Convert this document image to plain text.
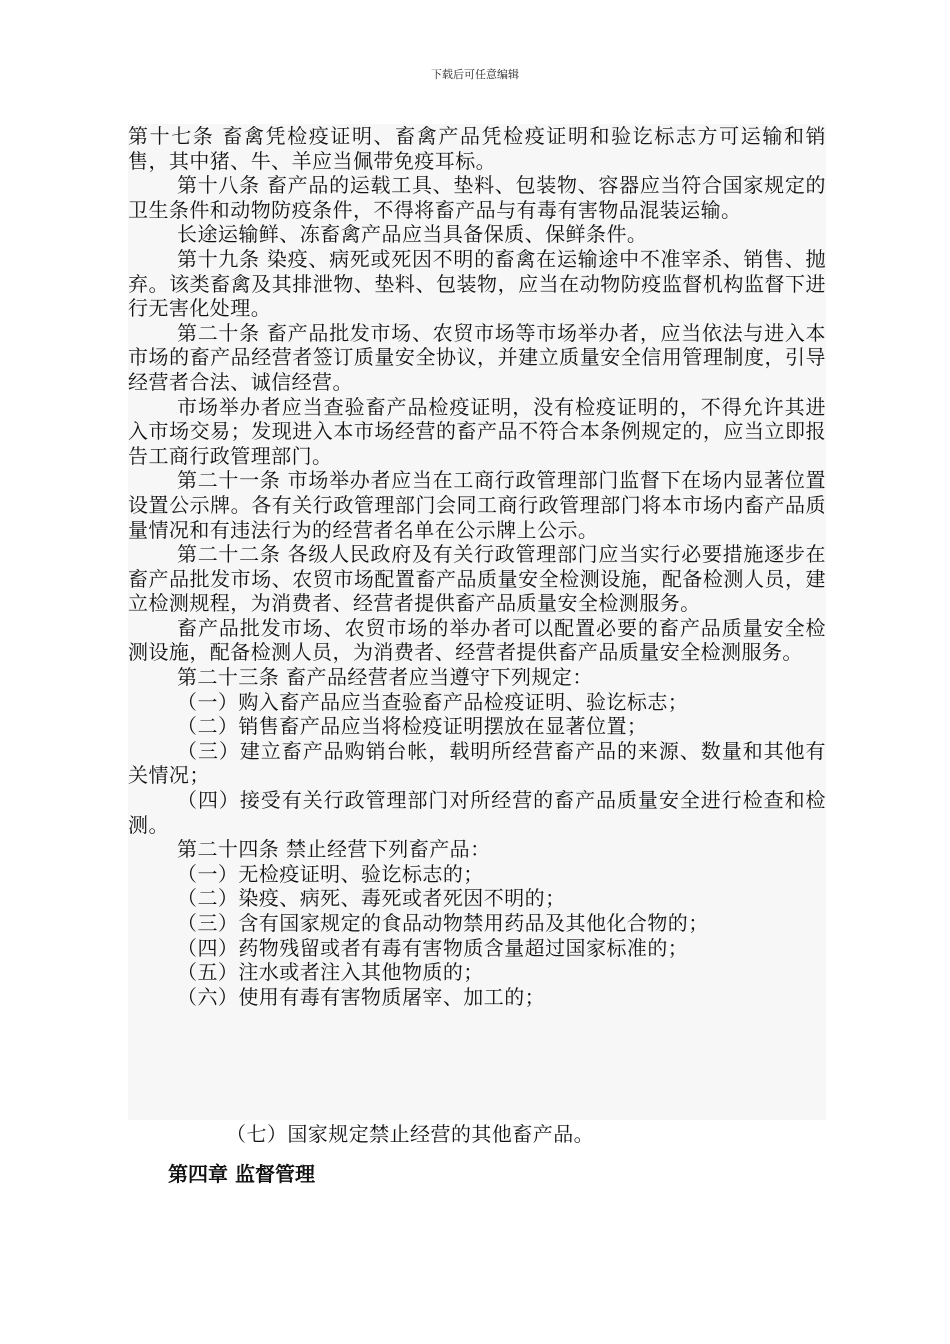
下载后可任意编辑

第十七条 畜禽凭检疫证明、畜禽产品凭检疫证明和验讫标志方可运输和销售，其中猪、牛、羊应当佩带免疫耳标。

第十八条 畜产品的运载工具、垫料、包装物、容器应当符合国家规定的卫生条件和动物防疫条件，不得将畜产品与有毒有害物品混装运输。

长途运输鲜、冻畜禽产品应当具备保质、保鲜条件。

第十九条 染疫、病死或死因不明的畜禽在运输途中不准宰杀、销售、抛弃。该类畜禽及其排泄物、垫料、包装物，应当在动物防疫监督机构监督下进行无害化处理。

第二十条 畜产品批发市场、农贸市场等市场举办者，应当依法与进入本市场的畜产品经营者签订质量安全协议，并建立质量安全信用管理制度，引导经营者合法、诚信经营。

市场举办者应当查验畜产品检疫证明，没有检疫证明的，不得允许其进入市场交易；发现进入本市场经营的畜产品不符合本条例规定的，应当立即报告工商行政管理部门。

第二十一条 市场举办者应当在工商行政管理部门监督下在场内显著位置设置公示牌。各有关行政管理部门会同工商行政管理部门将本市场内畜产品质量情况和有违法行为的经营者名单在公示牌上公示。

第二十二条 各级人民政府及有关行政管理部门应当实行必要措施逐步在畜产品批发市场、农贸市场配置畜产品质量安全检测设施，配备检测人员，建立检测规程，为消费者、经营者提供畜产品质量安全检测服务。

畜产品批发市场、农贸市场的举办者可以配置必要的畜产品质量安全检测设施，配备检测人员，为消费者、经营者提供畜产品质量安全检测服务。

第二十三条 畜产品经营者应当遵守下列规定：

（一）购入畜产品应当查验畜产品检疫证明、验讫标志；

（二）销售畜产品应当将检疫证明摆放在显著位置；

（三）建立畜产品购销台帐，载明所经营畜产品的来源、数量和其他有关情况；

（四）接受有关行政管理部门对所经营的畜产品质量安全进行检查和检测。

第二十四条 禁止经营下列畜产品：

（一）无检疫证明、验讫标志的；

（二）染疫、病死、毒死或者死因不明的；

（三）含有国家规定的食品动物禁用药品及其他化合物的；

（四）药物残留或者有毒有害物质含量超过国家标准的；

（五）注水或者注入其他物质的；

（六）使用有毒有害物质屠宰、加工的；

（七）国家规定禁止经营的其他畜产品。
第四章 监督管理
